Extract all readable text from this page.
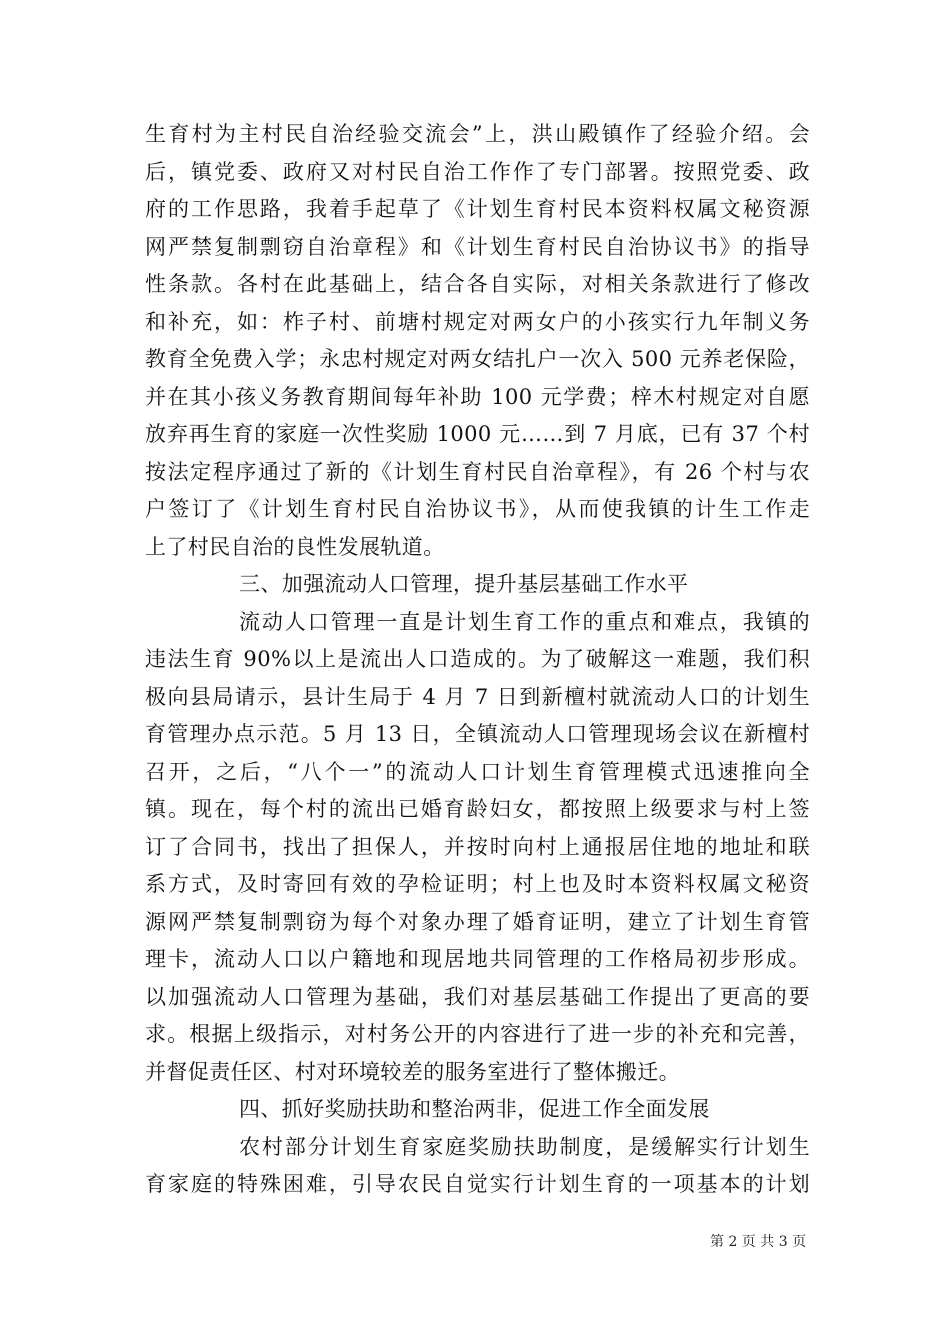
生育村为主村民自治经验交流会”上，洪山殿镇作了经验介绍。会
后，镇党委、政府又对村民自治工作作了专门部署。按照党委、政
府的工作思路，我着手起草了《计划生育村民本资料权属文秘资源
网严禁复制剽窃自治章程》和《计划生育村民自治协议书》的指导
性条款。各村在此基础上，结合各自实际，对相关条款进行了修改
和补充，如：柞子村、前塘村规定对两女户的小孩实行九年制义务
教育全免费入学；永忠村规定对两女结扎户一次入 500 元养老保险，
并在其小孩义务教育期间每年补助 100 元学费；梓木村规定对自愿
放弃再生育的家庭一次性奖励 1000 元……到 7 月底，已有 37 个村
按法定程序通过了新的《计划生育村民自治章程》，有 26 个村与农
户签订了《计划生育村民自治协议书》，从而使我镇的计生工作走
上了村民自治的良性发展轨道。
三、加强流动人口管理，提升基层基础工作水平
流动人口管理一直是计划生育工作的重点和难点，我镇的
违法生育 90%以上是流出人口造成的。为了破解这一难题，我们积
极向县局请示，县计生局于 4 月 7 日到新檀村就流动人口的计划生
育管理办点示范。5 月 13 日，全镇流动人口管理现场会议在新檀村
召开，之后，“八个一”的流动人口计划生育管理模式迅速推向全
镇。现在，每个村的流出已婚育龄妇女，都按照上级要求与村上签
订了合同书，找出了担保人，并按时向村上通报居住地的地址和联
系方式，及时寄回有效的孕检证明；村上也及时本资料权属文秘资
源网严禁复制剽窃为每个对象办理了婚育证明，建立了计划生育管
理卡，流动人口以户籍地和现居地共同管理的工作格局初步形成。
以加强流动人口管理为基础，我们对基层基础工作提出了更高的要
求。根据上级指示，对村务公开的内容进行了进一步的补充和完善，
并督促责任区、村对环境较差的服务室进行了整体搬迁。
四、抓好奖励扶助和整治两非，促进工作全面发展
农村部分计划生育家庭奖励扶助制度，是缓解实行计划生
育家庭的特殊困难，引导农民自觉实行计划生育的一项基本的计划
第 2 页 共 3 页
